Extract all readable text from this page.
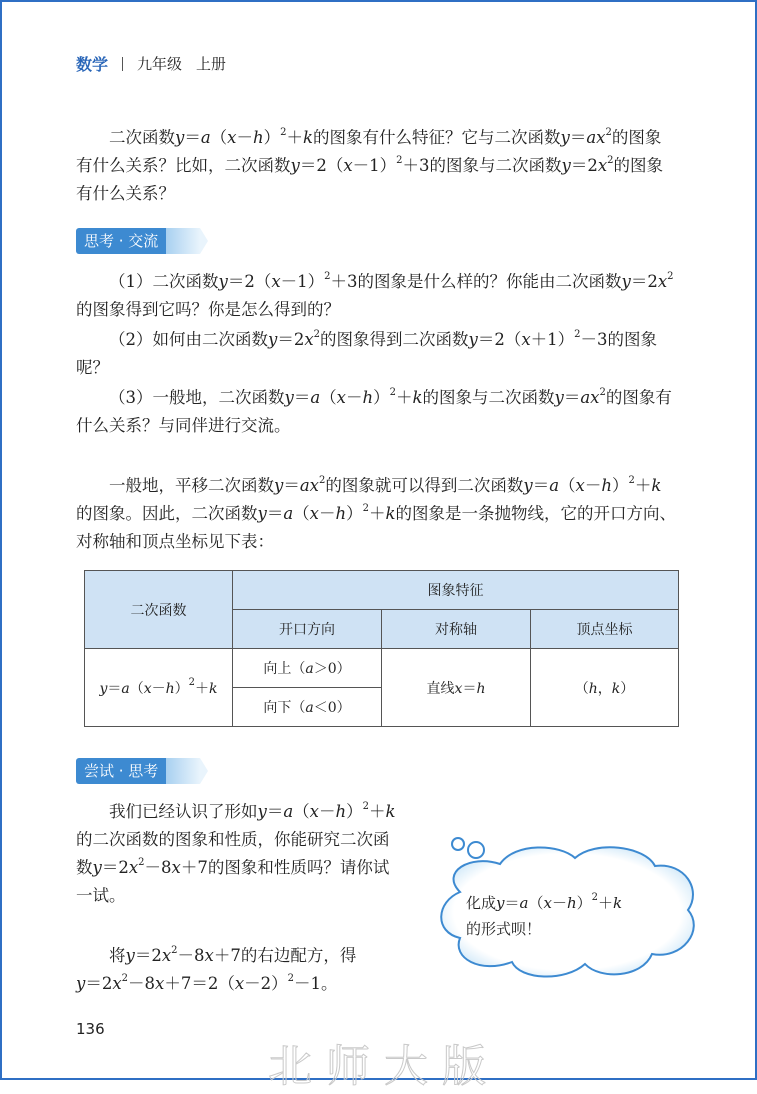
数学 九年级 上册
二次函数$y=a(x-h)^2+k$的图象有什么特征？它与二次函数$y=ax^2$的图象有什么关系？比如，二次函数$y=2(x-1)^2+3$的图象与二次函数$y=2x^2$的图象有什么关系？
思考 · 交流
（1）二次函数$y=2(x-1)^2+3$的图象是什么样的？你能由二次函数$y=2x^2$的图象得到它吗？你是怎么得到的？
（2）如何由二次函数$y=2x^2$的图象得到二次函数$y=2(x+1)^2-3$的图象呢？
（3）一般地，二次函数$y=a(x-h)^2+k$的图象与二次函数$y=ax^2$的图象有什么关系？与同伴进行交流。
一般地，平移二次函数$y=ax^2$的图象就可以得到二次函数$y=a(x-h)^2+k$的图象。因此，二次函数$y=a(x-h)^2+k$的图象是一条抛物线，它的开口方向、对称轴和顶点坐标见下表：
二次函数	图象特征		
	开口方向	对称轴	顶点坐标
$y=a(x-h)^2+k$	向上（a＞0）	直线x＝h	（h，k）
	向下（a＜0）		
尝试 · 思考
我们已经认识了形如$y=a(x-h)^2+k$的二次函数的图象和性质，你能研究二次函数$y=2x^2-8x+7$的图象和性质吗？请你试一试。
将$y=2x^2-8x+7$的右边配方，得
$y=2x^2-8x+7=2(x-2)^2-1$。
化成$y=a(x-h)^2+k$
的形式呗！
136
北师大版
